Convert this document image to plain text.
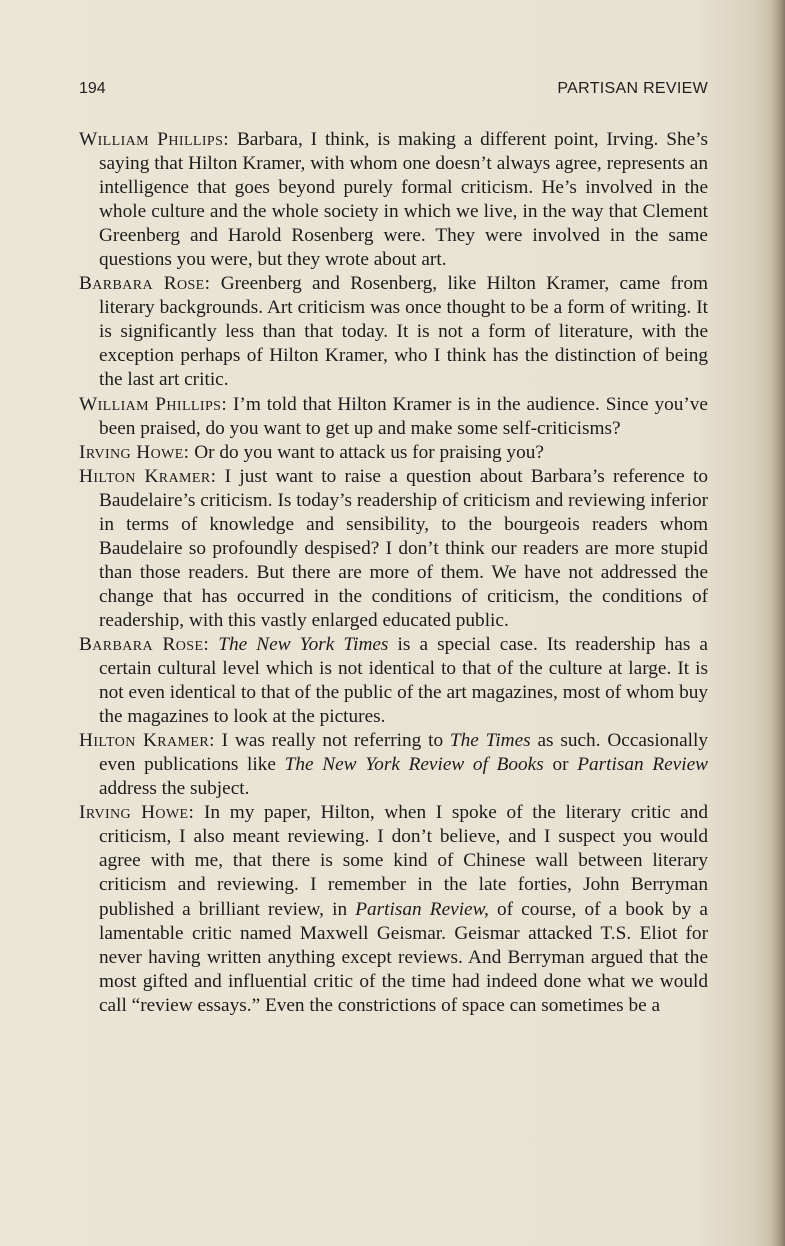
194	PARTISAN REVIEW

William Phillips: Barbara, I think, is making a different point, Irving. She’s saying that Hilton Kramer, with whom one doesn’t always agree, represents an intelligence that goes beyond purely formal criticism. He’s involved in the whole culture and the whole society in which we live, in the way that Clement Greenberg and Harold Rosenberg were. They were involved in the same questions you were, but they wrote about art.

Barbara Rose: Greenberg and Rosenberg, like Hilton Kramer, came from literary backgrounds. Art criticism was once thought to be a form of writing. It is significantly less than that today. It is not a form of literature, with the exception perhaps of Hilton Kramer, who I think has the distinction of being the last art critic.

William Phillips: I’m told that Hilton Kramer is in the audience. Since you’ve been praised, do you want to get up and make some self-criticisms?

Irving Howe: Or do you want to attack us for praising you?

Hilton Kramer: I just want to raise a question about Barbara’s reference to Baudelaire’s criticism. Is today’s readership of criticism and reviewing inferior in terms of knowledge and sensibility, to the bourgeois readers whom Baudelaire so profoundly despised? I don’t think our readers are more stupid than those readers. But there are more of them. We have not addressed the change that has occurred in the conditions of criticism, the conditions of readership, with this vastly enlarged educated public.

Barbara Rose: The New York Times is a special case. Its readership has a certain cultural level which is not identical to that of the culture at large. It is not even identical to that of the public of the art magazines, most of whom buy the magazines to look at the pictures.

Hilton Kramer: I was really not referring to The Times as such. Occasionally even publications like The New York Review of Books or Partisan Review address the subject.

Irving Howe: In my paper, Hilton, when I spoke of the literary critic and criticism, I also meant reviewing. I don’t believe, and I suspect you would agree with me, that there is some kind of Chinese wall between literary criticism and reviewing. I remember in the late forties, John Berryman published a brilliant review, in Partisan Review, of course, of a book by a lamentable critic named Maxwell Geismar. Geismar attacked T.S. Eliot for never having written anything except reviews. And Berryman argued that the most gifted and influential critic of the time had indeed done what we would call “review essays.” Even the constrictions of space can sometimes be a
